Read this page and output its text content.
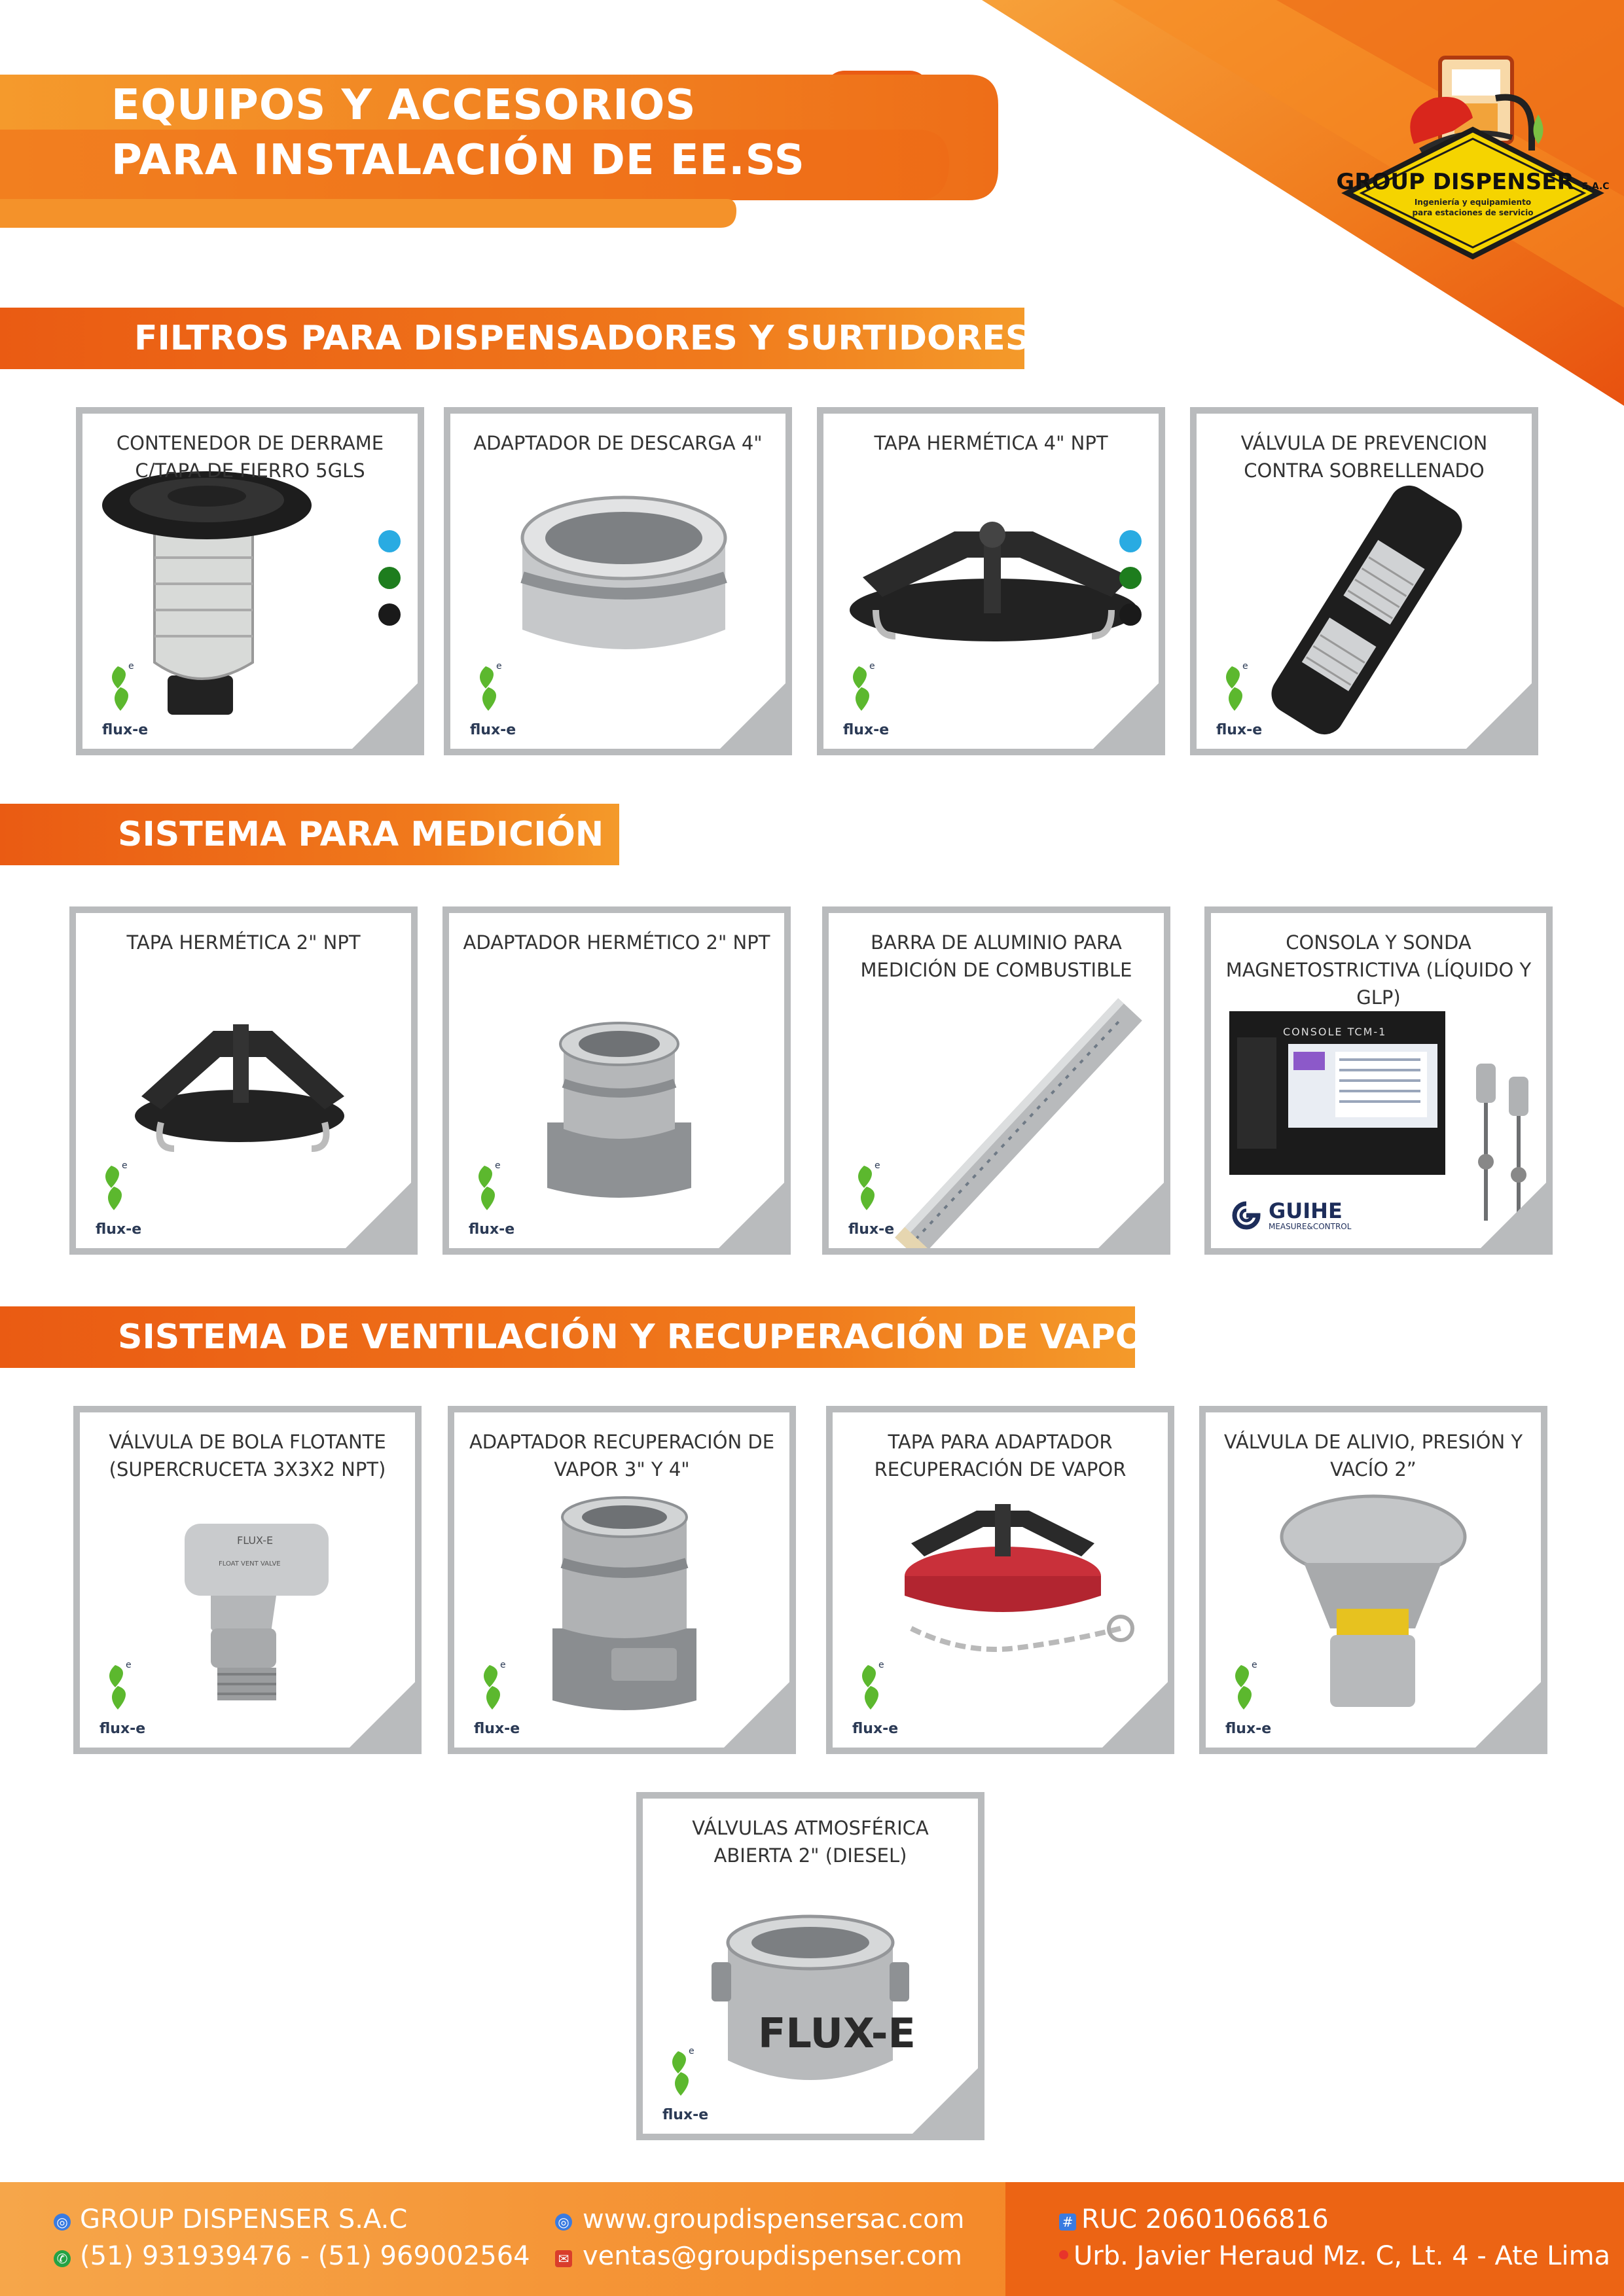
EQUIPOS Y ACCESORIOS
PARA INSTALACIÓN DE EE.SS	GROUP DISPENSER S.A.C
Ingeniería y equipamiento
para estaciones de servicio
FILTROS PARA DISPENSADORES Y SURTIDORES
CONTENEDOR DE DERRAME C/TAPA DE FIERRO 5GLS
e
flux-e
ADAPTADOR DE DESCARGA 4"
e
flux-e
TAPA HERMÉTICA 4" NPT
e
flux-e
VÁLVULA DE PREVENCION CONTRA SOBRELLENADO
e
flux-e
SISTEMA PARA MEDICIÓN
TAPA HERMÉTICA 2" NPT
e
flux-e
ADAPTADOR HERMÉTICO 2" NPT
e
flux-e
BARRA DE ALUMINIO PARA MEDICIÓN DE COMBUSTIBLE
e
flux-e
CONSOLE TCM-1
CONSOLA Y SONDA MAGNETOSTRICTIVA (LÍQUIDO Y GLP)
GUIHE
MEASURE&CONTROL
SISTEMA DE VENTILACIÓN Y RECUPERACIÓN DE VAPOR
FLUX-E
FLOAT VENT VALVE
VÁLVULA DE BOLA FLOTANTE (SUPERCRUCETA 3X3X2 NPT)
e
flux-e
ADAPTADOR RECUPERACIÓN DE VAPOR 3" Y 4"
e
flux-e
TAPA PARA ADAPTADOR RECUPERACIÓN DE VAPOR
e
flux-e
VÁLVULA DE ALIVIO, PRESIÓN Y VACÍO 2”
e
flux-e
FLUX-E
VÁLVULAS ATMOSFÉRICA ABIERTA 2" (DIESEL)
e
flux-e
◎ GROUP DISPENSER S.A.C
✆ (51) 931939476 - (51) 969002564
◎ www.groupdispensersac.com
✉ ventas@groupdispenser.com
# RUC 20601066816
Urb. Javier Heraud Mz. C, Lt. 4 - Ate Lima
